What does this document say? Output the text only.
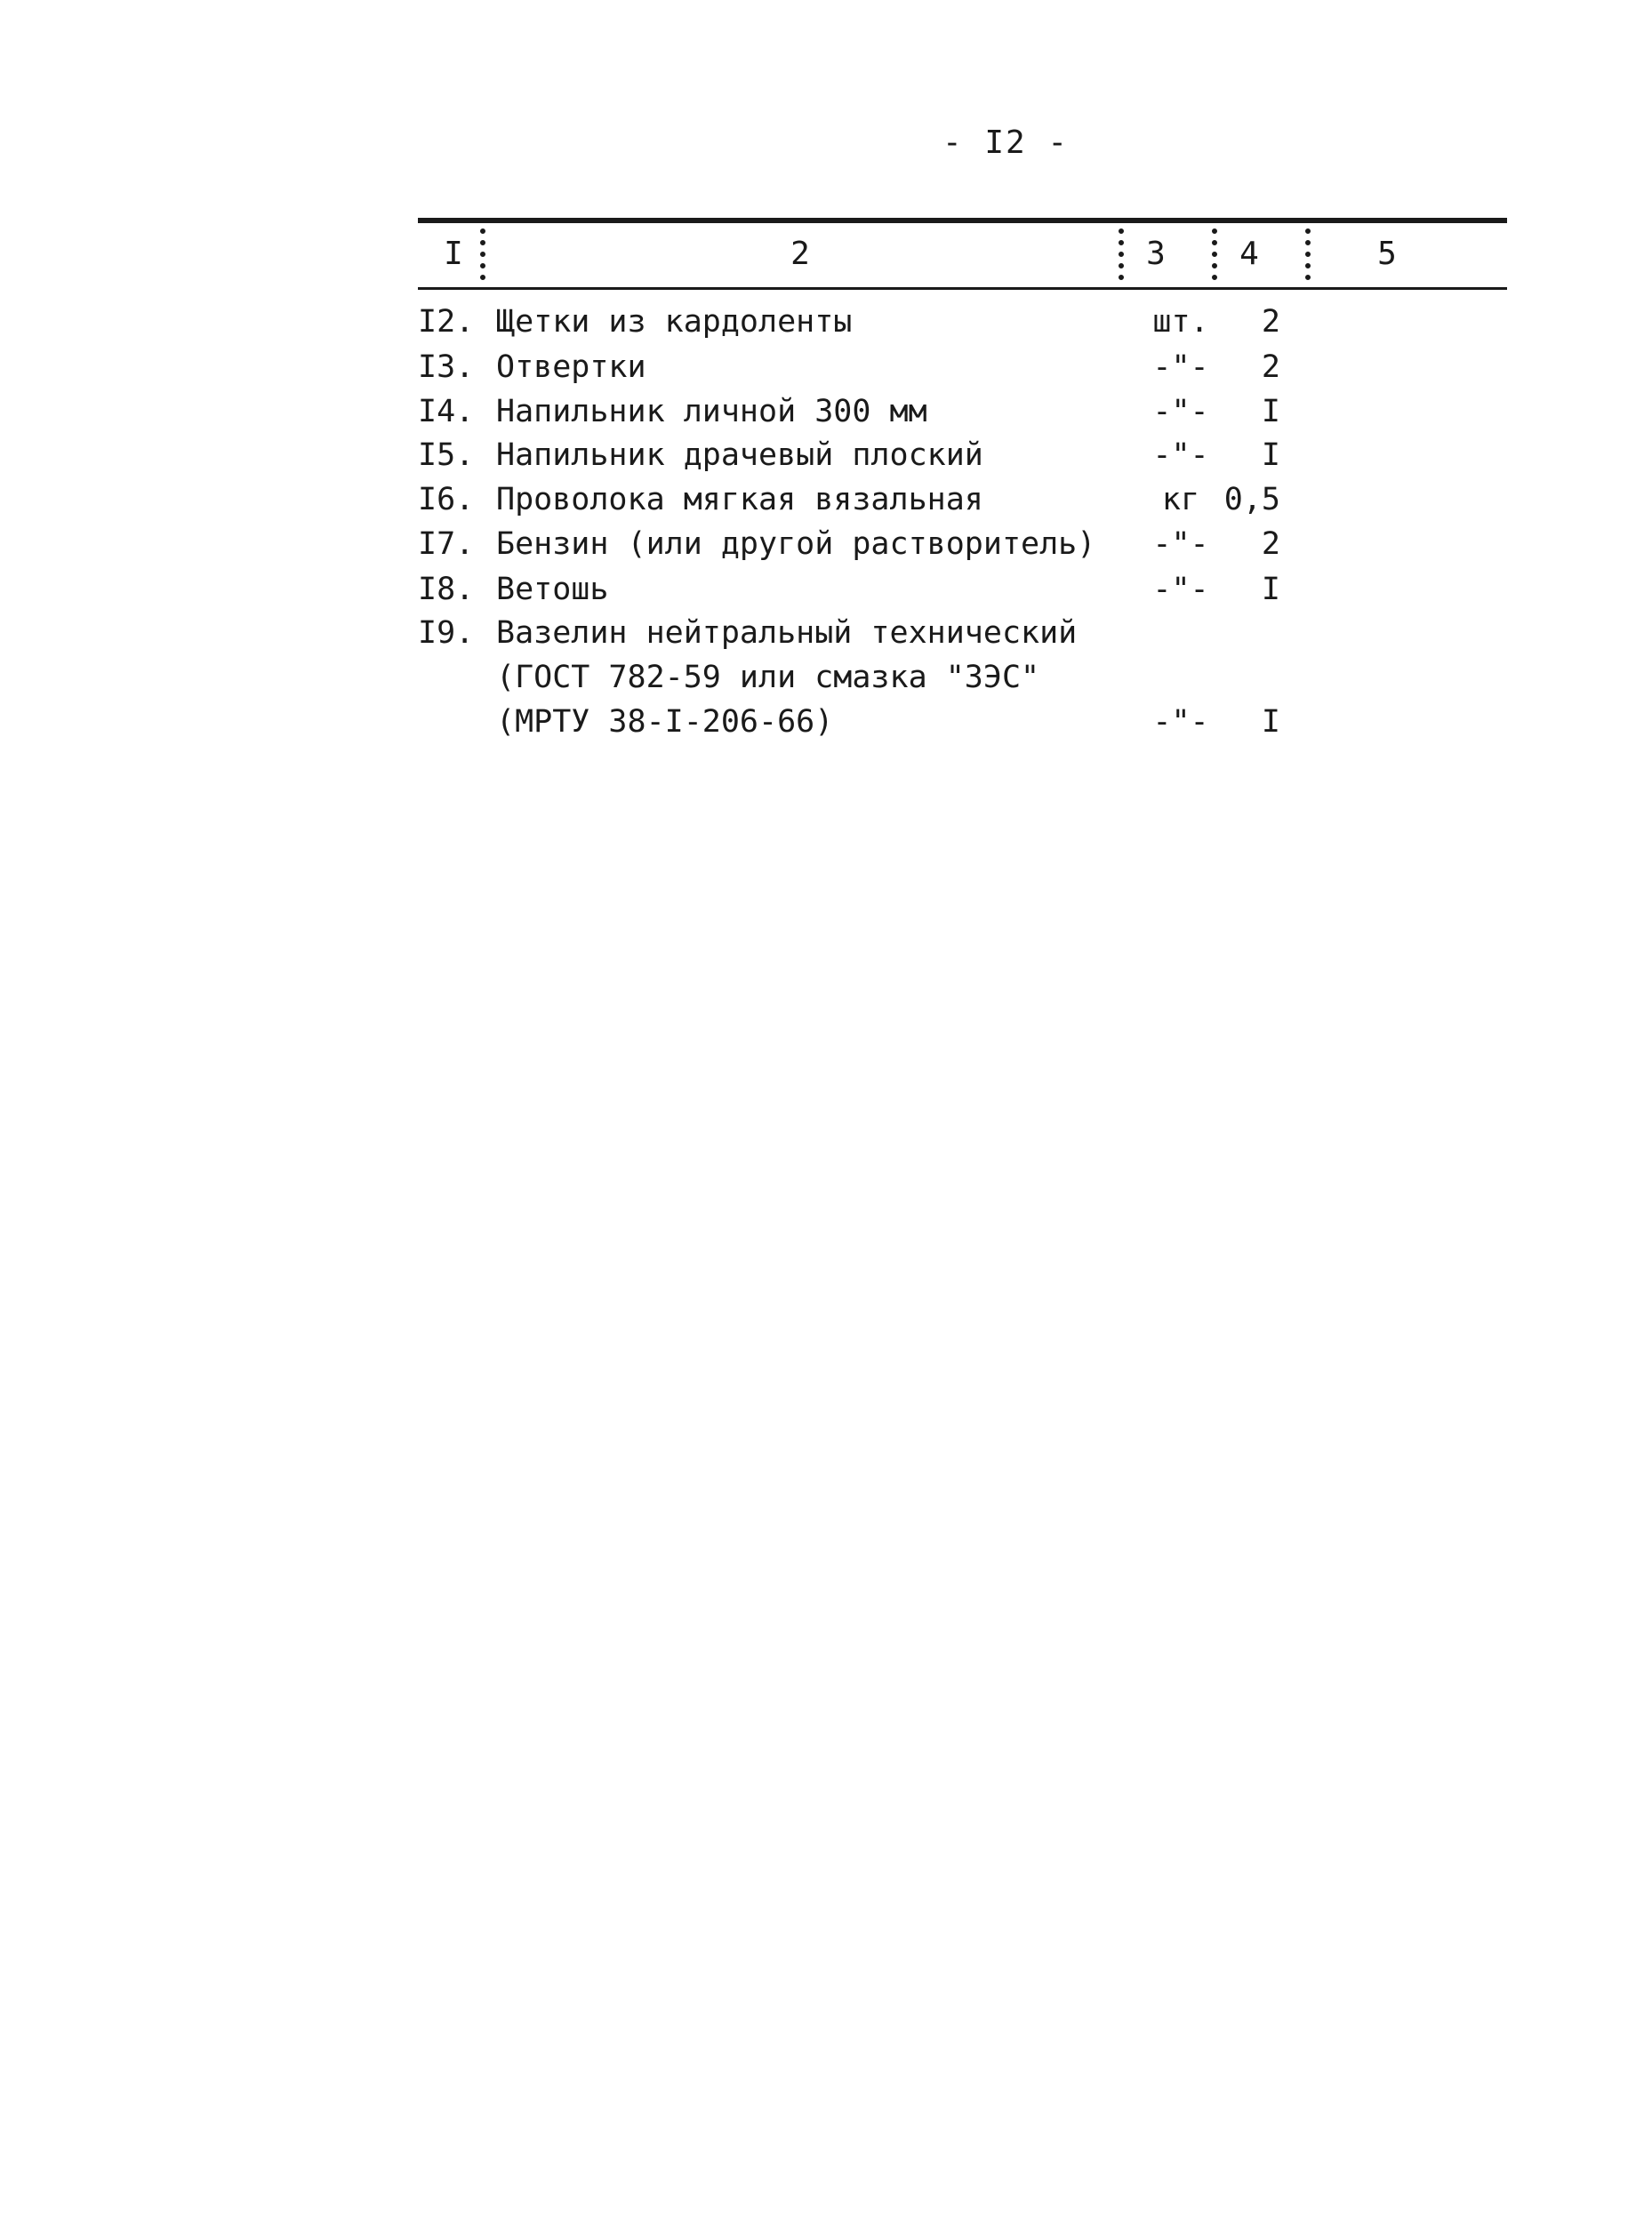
- I2 -
I	2	3	4	5
I2. Щетки из кардоленты	шт.	2
I3. Отвертки	-"-	2
I4. Напильник личной 300 мм	-"-	I
I5. Напильник драчевый плоский	-"-	I
I6. Проволока мягкая вязальная	кг 0,5
I7. Бензин (или другой растворитель) -"-	2
I8. Ветошь	-"-	I
I9. Вазелин нейтральный технический
(ГОСТ 782-59 или смазка "ЗЭС"
(МРТУ 38-I-206-66)	-"-	I
